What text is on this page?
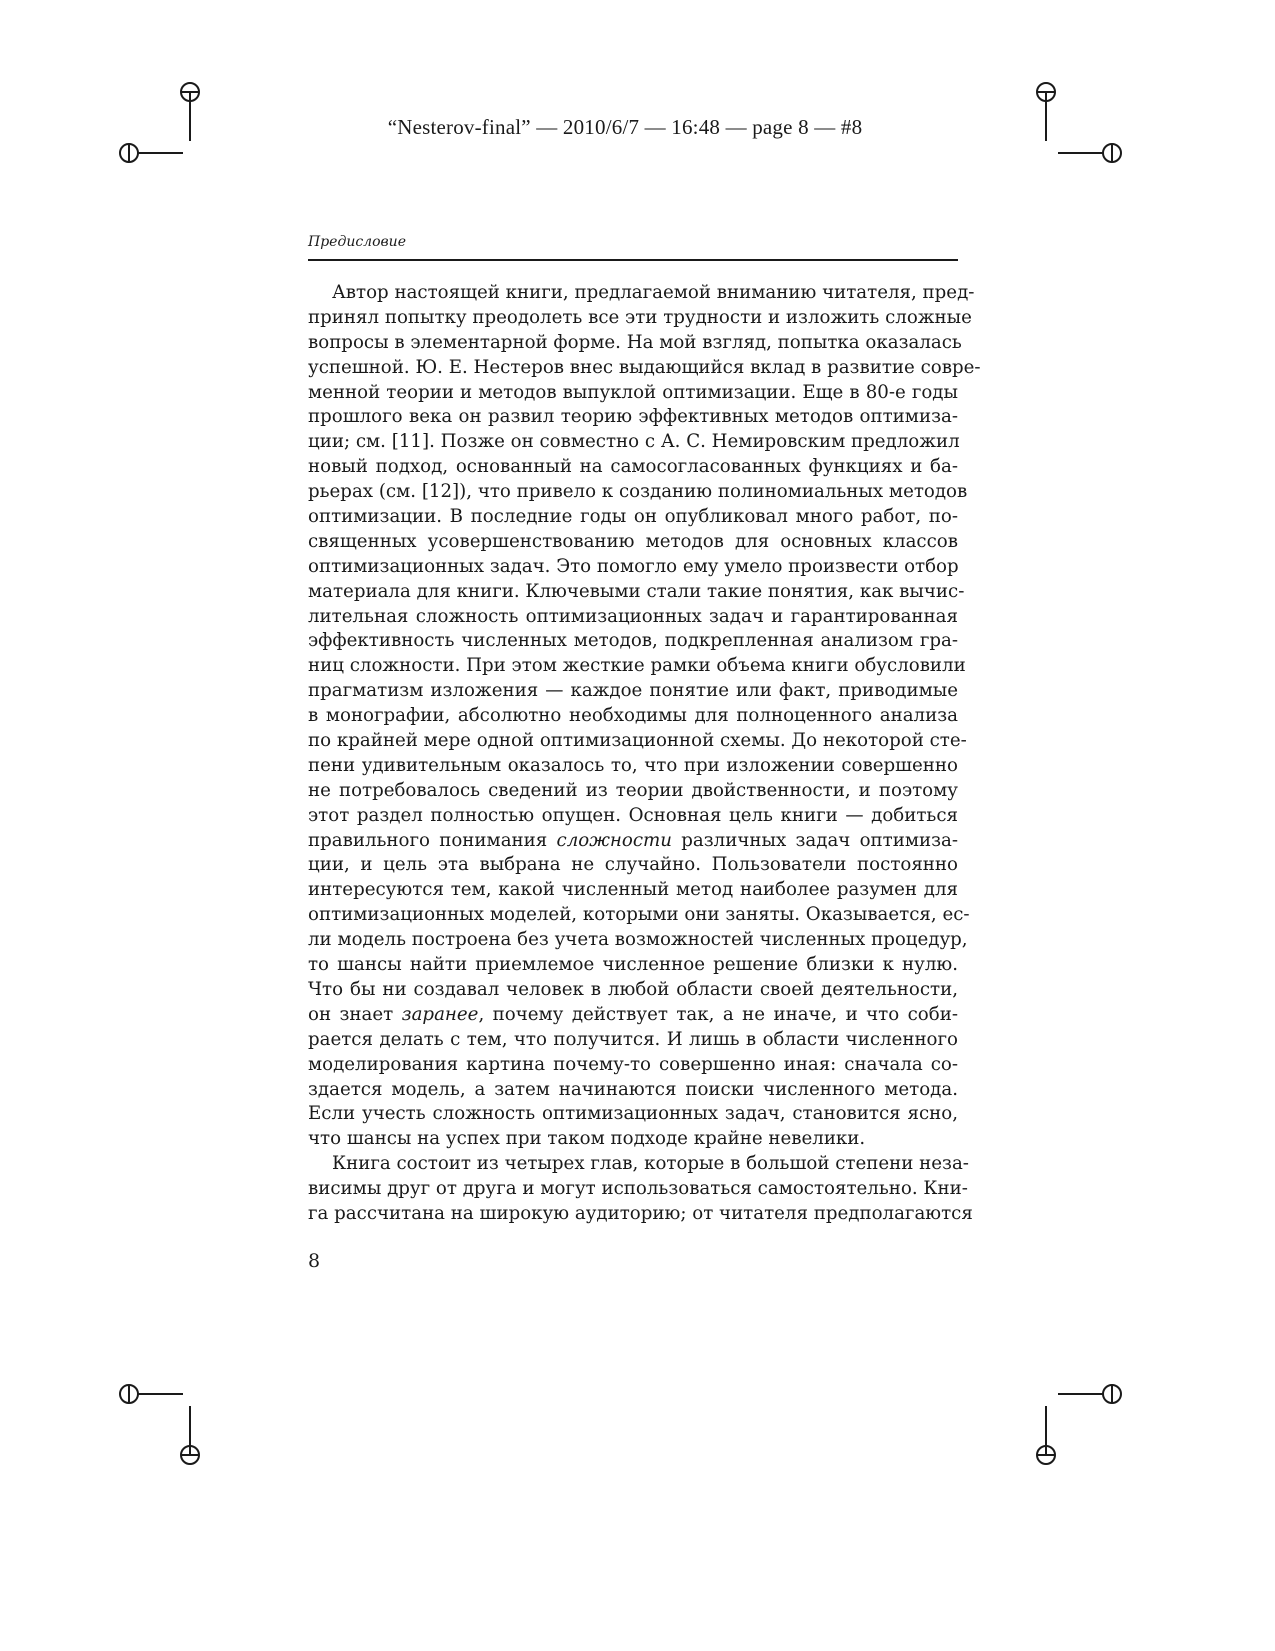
“Nesterov-final” — 2010/6/7 — 16:48 — page 8 — #8
Предисловие
Автор настоящей книги, предлагаемой вниманию читателя, пред-
принял попытку преодолеть все эти трудности и изложить сложные
вопросы в элементарной форме. На мой взгляд, попытка оказалась
успешной. Ю. Е. Нестеров внес выдающийся вклад в развитие совре-
менной теории и методов выпуклой оптимизации. Еще в 80-е годы
прошлого века он развил теорию эффективных методов оптимиза-
ции; см. [11]. Позже он совместно с А. С. Немировским предложил
новый подход, основанный на самосогласованных функциях и ба-
рьерах (см. [12]), что привело к созданию полиномиальных методов
оптимизации. В последние годы он опубликовал много работ, по-
священных усовершенствованию методов для основных классов
оптимизационных задач. Это помогло ему умело произвести отбор
материала для книги. Ключевыми стали такие понятия, как вычис-
лительная сложность оптимизационных задач и гарантированная
эффективность численных методов, подкрепленная анализом гра-
ниц сложности. При этом жесткие рамки объема книги обусловили
прагматизм изложения — каждое понятие или факт, приводимые
в монографии, абсолютно необходимы для полноценного анализа
по крайней мере одной оптимизационной схемы. До некоторой сте-
пени удивительным оказалось то, что при изложении совершенно
не потребовалось сведений из теории двойственности, и поэтому
этот раздел полностью опущен. Основная цель книги — добиться
правильного понимания сложности различных задач оптимиза-
ции, и цель эта выбрана не случайно. Пользователи постоянно
интересуются тем, какой численный метод наиболее разумен для
оптимизационных моделей, которыми они заняты. Оказывается, ес-
ли модель построена без учета возможностей численных процедур,
то шансы найти приемлемое численное решение близки к нулю.
Что бы ни создавал человек в любой области своей деятельности,
он знает заранее, почему действует так, а не иначе, и что соби-
рается делать с тем, что получится. И лишь в области численного
моделирования картина почему-то совершенно иная: сначала со-
здается модель, а затем начинаются поиски численного метода.
Если учесть сложность оптимизационных задач, становится ясно,
что шансы на успех при таком подходе крайне невелики.
Книга состоит из четырех глав, которые в большой степени неза-
висимы друг от друга и могут использоваться самостоятельно. Кни-
га рассчитана на широкую аудиторию; от читателя предполагаются
8
